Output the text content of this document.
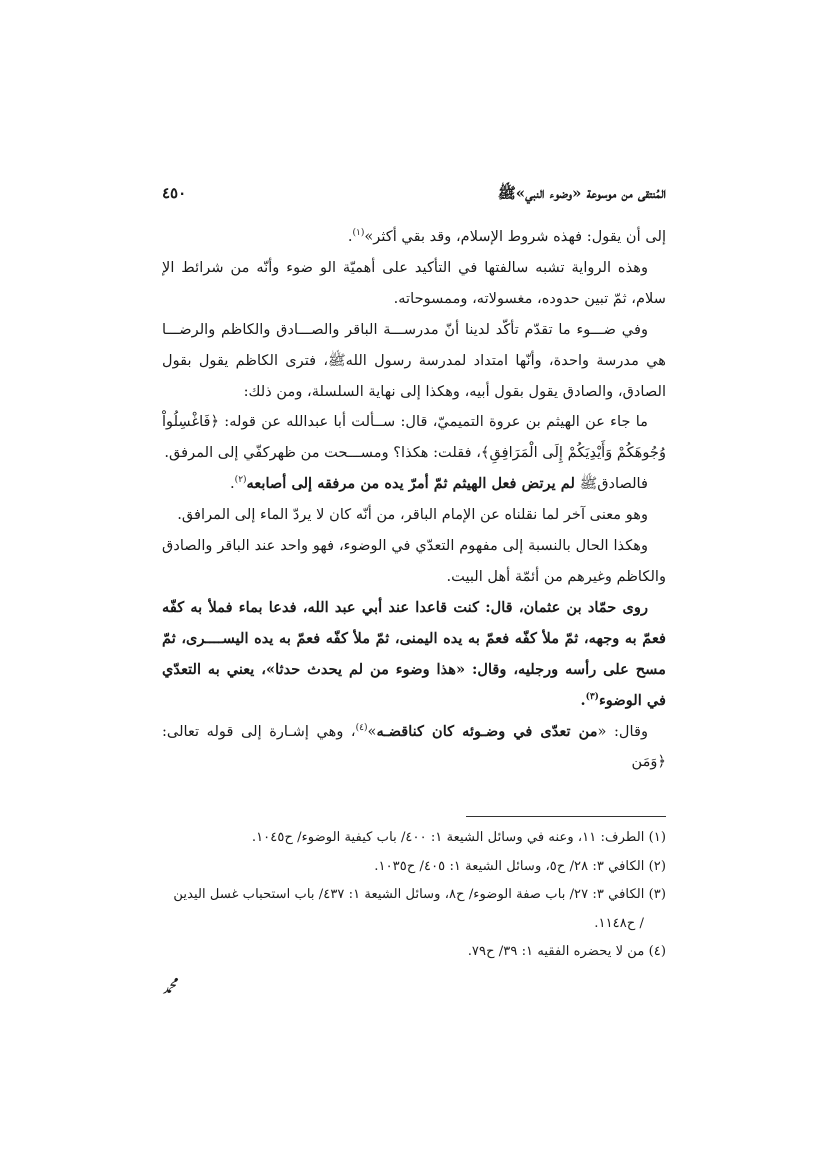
المُنتقى من موسوعة «وضوء النبي»ﷺ
٤٥٠

إلى أن يقول: فهذه شروط الإسلام، وقد بقي أكثر»$^{(١)}$.

وهذه الرواية تشبه سالفتها في التأكيد على أهميّة الو ضوء وأنّه من شرائط الإ سلام، ثمّ تبين حدوده، مغسولاته، وممسوحاته.

وفي ضـــوء ما تقدّم تأكّد لدينا أنّ مدرســـة الباقر والصـــادق والكاظم والرضـــا هي مدرسة واحدة، وأنّها امتداد لمدرسة رسول اللهﷺ، فترى الكاظم يقول بقول الصادق، والصادق يقول بقول أبيه، وهكذا إلى نهاية السلسلة، ومن ذلك:

ما جاء عن الهيثم بن عروة التميميّ، قال: ســألت أبا عبدالله عن قوله: ﴿فَاغْسِلُواْ وُجُوهَكُمْ وَأَيْدِيَكُمْ إِلَى الْمَرَافِقِ﴾، فقلت: هكذا؟ ومســـحت من ظهركفّي إلى المرفق.

فالصادقﷺ لم يرتض فعل الهيثم ثمّ أمرّ يده من مرفقه إلى أصابعه$^{(٢)}$.

وهو معنى آخر لما نقلناه عن الإمام الباقر، من أنّه كان لا يردّ الماء إلى المرافق.

وهكذا الحال بالنسبة إلى مفهوم التعدّي في الوضوء، فهو واحد عند الباقر والصادق والكاظم وغيرهم من أئمّة أهل البيت.

روى حمّاد بن عثمان، قال: كنت قاعدا عند أبي عبد الله، فدعا بماء فملأ به كفّه فعمّ به وجهه، ثمّ ملأ كفّه فعمّ به يده اليمنى، ثمّ ملأ كفّه فعمّ به يده اليســــرى، ثمّ مسح على رأسه ورجليه، وقال: «هذا وضوء من لم يحدث حدثا»، يعني به التعدّي في الوضوء$^{(٣)}$.

وقال: «من تعدّى في وضـوئه كان كناقضـه»$^{(٤)}$، وهي إشـارة إلى قوله تعالى: ﴿وَمَن

(١) الطرف: ١١، وعنه في وسائل الشيعة ١: ٤٠٠/ باب كيفية الوضوء/ ح١٠٤٥.
(٢) الكافي ٣: ٢٨/ ح٥، وسائل الشيعة ١: ٤٠٥/ ح١٠٣٥.
(٣) الكافي ٣: ٢٧/ باب صفة الوضوء/ ح٨، وسائل الشيعة ١: ٤٣٧/ باب استحباب غسل اليدين
/ ح١١٤٨.
(٤) من لا يحضره الفقيه ١: ٣٩/ ح٧٩.
ﷴ
